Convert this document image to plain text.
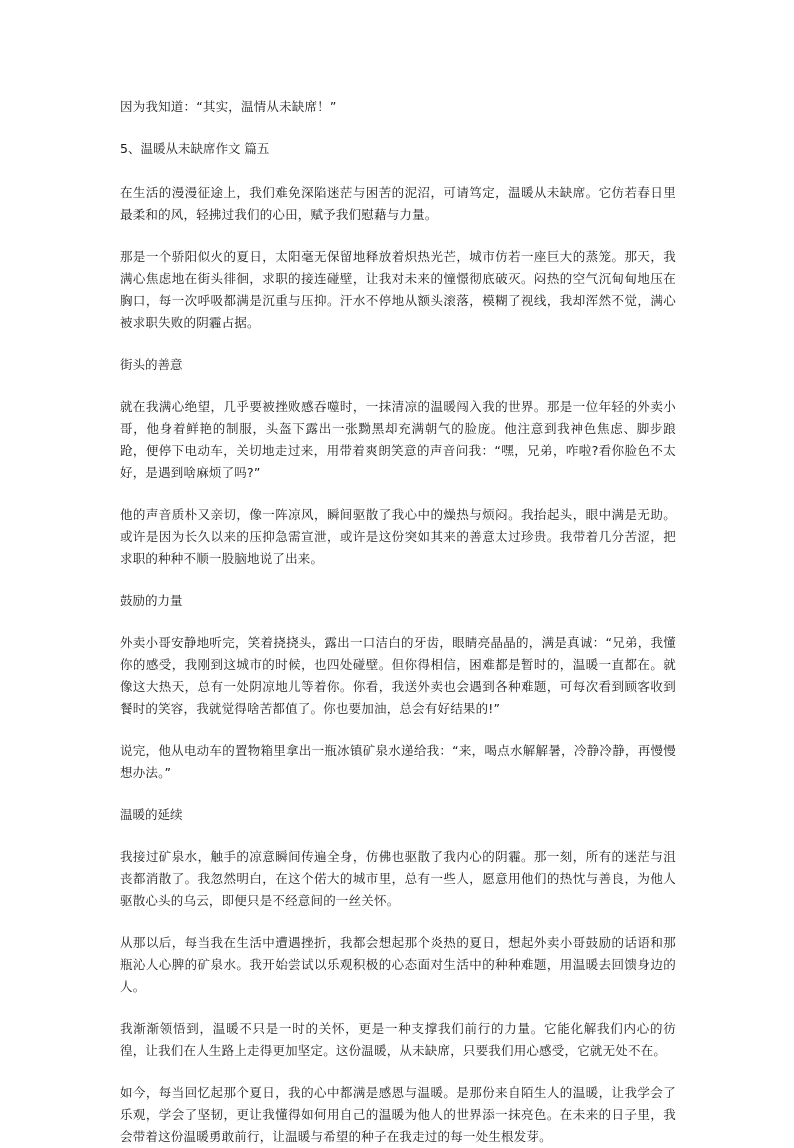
因为我知道：“其实，温情从未缺席！”

5、温暖从未缺席作文 篇五

在生活的漫漫征途上，我们难免深陷迷茫与困苦的泥沼，可请笃定，温暖从未缺席。它仿若春日里最柔和的风，轻拂过我们的心田，赋予我们慰藉与力量。

那是一个骄阳似火的夏日，太阳毫无保留地释放着炽热光芒，城市仿若一座巨大的蒸笼。那天，我满心焦虑地在街头徘徊，求职的接连碰壁，让我对未来的憧憬彻底破灭。闷热的空气沉甸甸地压在胸口，每一次呼吸都满是沉重与压抑。汗水不停地从额头滚落，模糊了视线，我却浑然不觉，满心被求职失败的阴霾占据。

街头的善意

就在我满心绝望，几乎要被挫败感吞噬时，一抹清凉的温暖闯入我的世界。那是一位年轻的外卖小哥，他身着鲜艳的制服，头盔下露出一张黝黑却充满朝气的脸庞。他注意到我神色焦虑、脚步踉跄，便停下电动车，关切地走过来，用带着爽朗笑意的声音问我：“嘿，兄弟，咋啦?看你脸色不太好，是遇到啥麻烦了吗?”

他的声音质朴又亲切，像一阵凉风，瞬间驱散了我心中的燥热与烦闷。我抬起头，眼中满是无助。或许是因为长久以来的压抑急需宣泄，或许是这份突如其来的善意太过珍贵。我带着几分苦涩，把求职的种种不顺一股脑地说了出来。

鼓励的力量

外卖小哥安静地听完，笑着挠挠头，露出一口洁白的牙齿，眼睛亮晶晶的，满是真诚：“兄弟，我懂你的感受，我刚到这城市的时候，也四处碰壁。但你得相信，困难都是暂时的，温暖一直都在。就像这大热天，总有一处阴凉地儿等着你。你看，我送外卖也会遇到各种难题，可每次看到顾客收到餐时的笑容，我就觉得啥苦都值了。你也要加油，总会有好结果的!”

说完，他从电动车的置物箱里拿出一瓶冰镇矿泉水递给我：“来，喝点水解解暑，冷静冷静，再慢慢想办法。”

温暖的延续

我接过矿泉水，触手的凉意瞬间传遍全身，仿佛也驱散了我内心的阴霾。那一刻，所有的迷茫与沮丧都消散了。我忽然明白，在这个偌大的城市里，总有一些人，愿意用他们的热忱与善良，为他人驱散心头的乌云，即便只是不经意间的一丝关怀。

从那以后，每当我在生活中遭遇挫折，我都会想起那个炎热的夏日，想起外卖小哥鼓励的话语和那瓶沁人心脾的矿泉水。我开始尝试以乐观积极的心态面对生活中的种种难题，用温暖去回馈身边的人。

我渐渐领悟到，温暖不只是一时的关怀，更是一种支撑我们前行的力量。它能化解我们内心的彷徨，让我们在人生路上走得更加坚定。这份温暖，从未缺席，只要我们用心感受，它就无处不在。

如今，每当回忆起那个夏日，我的心中都满是感恩与温暖。是那份来自陌生人的温暖，让我学会了乐观，学会了坚韧，更让我懂得如何用自己的温暖为他人的世界添一抹亮色。在未来的日子里，我会带着这份温暖勇敢前行，让温暖与希望的种子在我走过的每一处生根发芽。
